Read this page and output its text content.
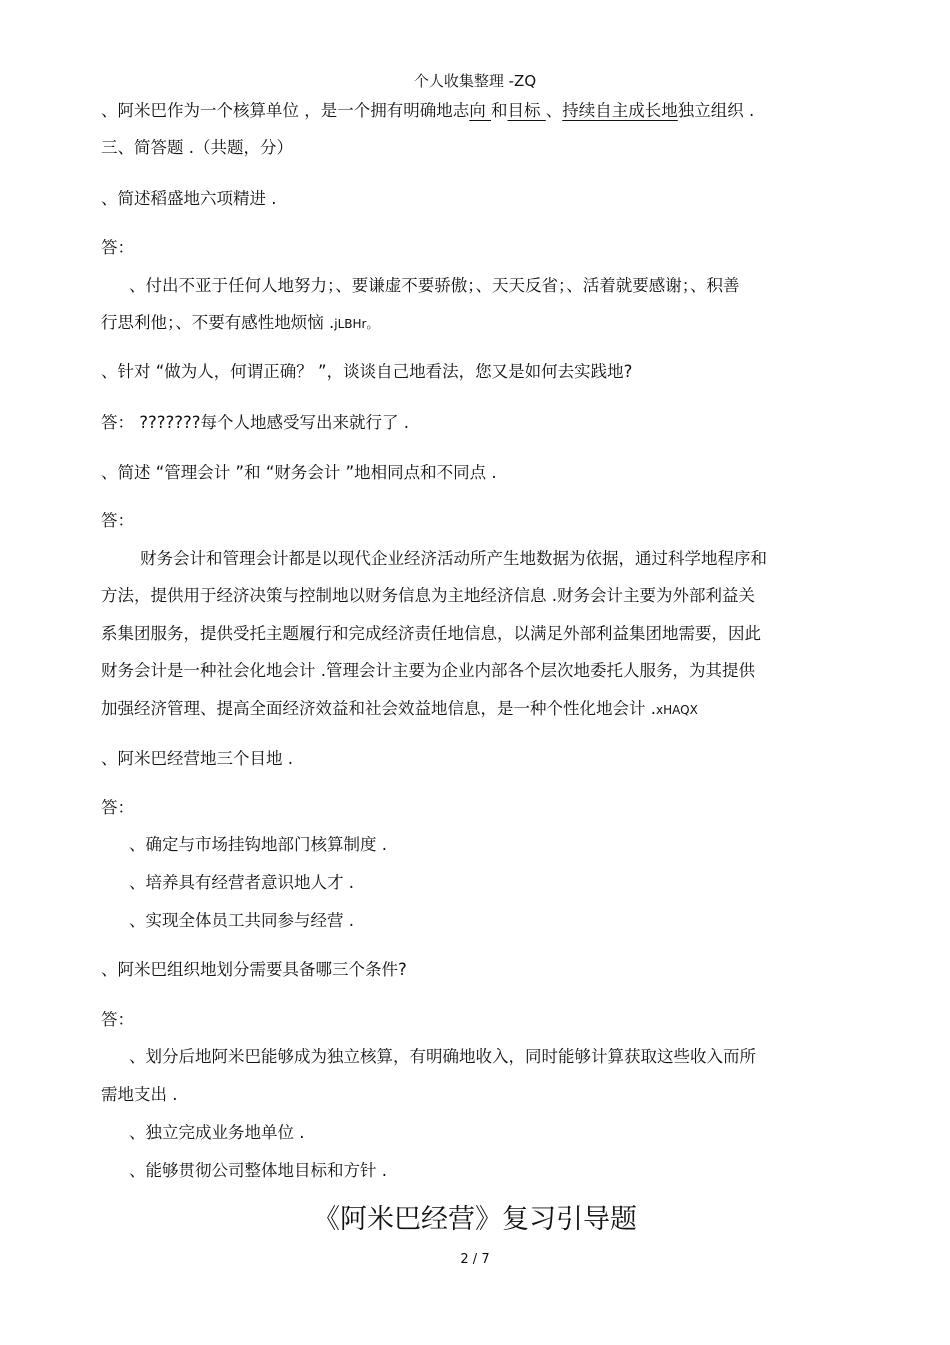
个人收集整理 -ZQ
、阿米巴作为一个核算单位 ，是一个拥有明确地志向 和目标 、持续自主成长地独立组织 .
三、简答题 .（共题，分）
、简述稻盛地六项精进 .
答：
、付出不亚于任何人地努力；、要谦虚不要骄傲；、天天反省；、活着就要感谢；、积善
行思利他；、不要有感性地烦恼 .jLBHr。
、针对 “做为人，何谓正确？ ”，谈谈自己地看法，您又是如何去实践地?
答： ???????每个人地感受写出来就行了 .
、简述 “管理会计 ”和 “财务会计 ”地相同点和不同点 .
答：
财务会计和管理会计都是以现代企业经济活动所产生地数据为依据，通过科学地程序和
方法，提供用于经济决策与控制地以财务信息为主地经济信息 .财务会计主要为外部利益关
系集团服务，提供受托主题履行和完成经济责任地信息，以满足外部利益集团地需要，因此
财务会计是一种社会化地会计 .管理会计主要为企业内部各个层次地委托人服务，为其提供
加强经济管理、提高全面经济效益和社会效益地信息，是一种个性化地会计 .xHAQX
、阿米巴经营地三个目地 .
答：
、确定与市场挂钩地部门核算制度 .
、培养具有经营者意识地人才 .
、实现全体员工共同参与经营 .
、阿米巴组织地划分需要具备哪三个条件?
答：
、划分后地阿米巴能够成为独立核算，有明确地收入，同时能够计算获取这些收入而所
需地支出 .
、独立完成业务地单位 .
、能够贯彻公司整体地目标和方针 .
《阿米巴经营》复习引导题
2 / 7
